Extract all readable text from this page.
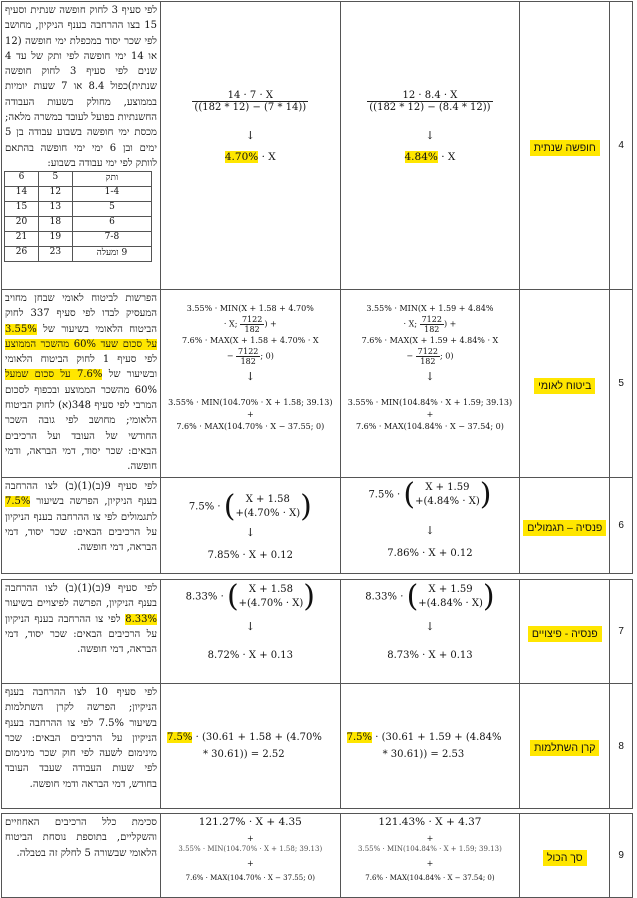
לפי סעיף 3 לחוק חופשה שנתית וסעיף 15 בצו ההרחבה בענף הניקיון, מחושב לפי שכר יסוד במכפלת ימי חופשה (12 או 14 ימי חופשה לפי ותק של עד 4 שנים לפי סעיף 3 לחוק חופשה שנתית)כפול 8.4 או 7 שעות יומיות בממוצע, מחולק בשעות העבודה החשנתיות בפועל לעובד במשרה מלאה; מכסת ימי חופשה בשבוע עבודה בן 5 ימים ובן 6 ימי ימי חופשה בהתאם לוותק לפי ימי עבודה בשבוע:
ותק	5	6
1-4	12	14
5	13	15
6	18	20
7-8	19	21
9 ומעלה	23	26

$\frac{14 \cdot 7 \cdot X}{((182 * 12) - (7 * 14))}$
↓
4.70% · X

$\frac{12 \cdot 8.4 \cdot X}{((182 * 12) - (8.4 * 12))}$
↓
4.84% · X
	חופשה שנתית	4

הפרשות לביטוח לאומי שבחן מחויב המעסיק לבדו לפי סעיף 337 לחוק הביטוח הלאומי בשיעור של 3.55% על סכום שעד 60% מהשכר הממוצע לפי סעיף 1 לחוק הביטוח הלאומי ובשיעור של 7.6% על סכום שמעל 60% מהשכר הממוצע ובכפוף לסכום המרבי לפי סעיף 348(א) לחוק הביטוח הלאומי; מחושב לפי גובה השכר החודשי של העובד ועל הרכיבים הבאים: שכר יסוד, דמי הבראה, ודמי חופשה.

3.55% · MIN(X + 1.58 + 4.70%
· X; $\frac{7122}{182}$ ) +
7.6% · MAX(X + 1.58 + 4.70% · X
− $\frac{7122}{182}$ ; 0)
↓
3.55% · MIN(104.70% · X + 1.58; 39.13)
+
7.6% · MAX(104.70% · X − 37.55; 0)

3.55% · MIN(X + 1.59 + 4.84%
· X; $\frac{7122}{182}$ ) +
7.6% · MAX(X + 1.59 + 4.84% · X
− $\frac{7122}{182}$ ; 0)
↓
3.55% · MIN(104.84% · X + 1.59; 39.13)
+
7.6% · MAX(104.84% · X − 37.54; 0)
	ביטוח לאומי	5

לפי סעיף 9(ב)(1)(ב) לצו ההרחבה בענף הניקיון, הפרשה בשיעור 7.5% לתגמולים לפי צו ההרחבה בענף הניקיון על הרכיבים הבאים: שכר יסוד, דמי הבראה, דמי חופשה.

7.5% · (	X + 1.58
+(4.70% · X) )
↓
7.85% · X + 0.12

7.5% · (	X + 1.59
+(4.84% · X) )
↓
7.86% · X + 0.12
	פנסיה – תגמולים	6

לפי סעיף 9(ב)(1)(ב) לצו ההרחבה בענף הניקיון, הפרשה לפיצויים בשיעור 8.33% לפי צו ההרחבה בענף הניקיון על הרכיבים הבאים: שכר יסוד, דמי הבראה, דמי חופשה.

8.33% · (	X + 1.58
+(4.70% · X) )
↓
8.72% · X + 0.13

8.33% · (	X + 1.59
+(4.84% · X) )
↓
8.73% · X + 0.13
	פנסיה - פיצויים	7

לפי סעיף 10 לצו ההרחבה בענף הניקיון; הפרשה לקרן השתלמות בשיעור 7.5% לפי צו ההרחבה בענף הניקיון על הרכיבים הבאים: שכר מינימום לשעה לפי חוק שכר מינימום לפי שעות העבודה שעבד העובד בחודש, דמי הבראה ודמי חופשה.

7.5% · (30.61 + 1.58 + (4.70%
* 30.61)) = 2.52

7.5% · (30.61 + 1.59 + (4.84%
* 30.61)) = 2.53
	קרן השתלמות	8

סכימת כלל הרכיבים האחוזיים והשקליים, בתוספת נוסחת הביטוח הלאומי שבשורה 5 לחלק זה בטבלה.

121.27% · X + 4.35
+
3.55% · MIN(104.70% · X + 1.58; 39.13)
+
7.6% · MAX(104.70% · X − 37.55; 0)

121.43% · X + 4.37
+
3.55% · MIN(104.84% · X + 1.59; 39.13)
+
7.6% · MAX(104.84% · X − 37.54; 0)
	סך הכול	9
